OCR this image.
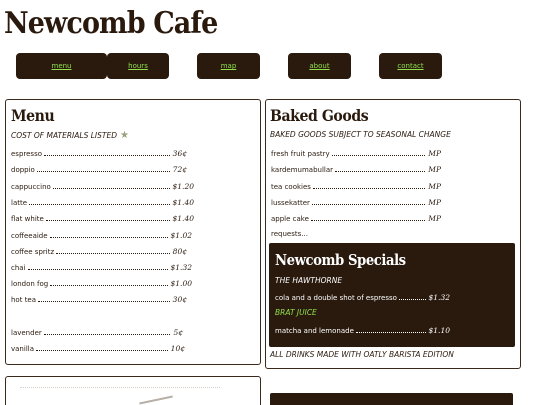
Newcomb Cafe
menu	hours	map	about	contact
Menu
COST OF MATERIALS LISTED ★
espresso	36¢
doppio	72¢
cappuccino	$1.20
latte	$1.40
flat white	$1.40
coffeeaide	$1.02
coffee spritz	80¢
chai	$1.32
london fog	$1.00
hot tea	30¢
lavender	5¢
vanilla	10¢
Baked Goods
BAKED GOODS SUBJECT TO SEASONAL CHANGE
fresh fruit pastry	MP
kardemumabullar	MP
tea cookies	MP
lussekatter	MP
apple cake	MP
requests...
Newcomb Specials
THE HAWTHORNE
cola and a double shot of espresso	$1.32
BRAT JUICE
matcha and lemonade	$1.10
ALL DRINKS MADE WITH OATLY BARISTA EDITION
